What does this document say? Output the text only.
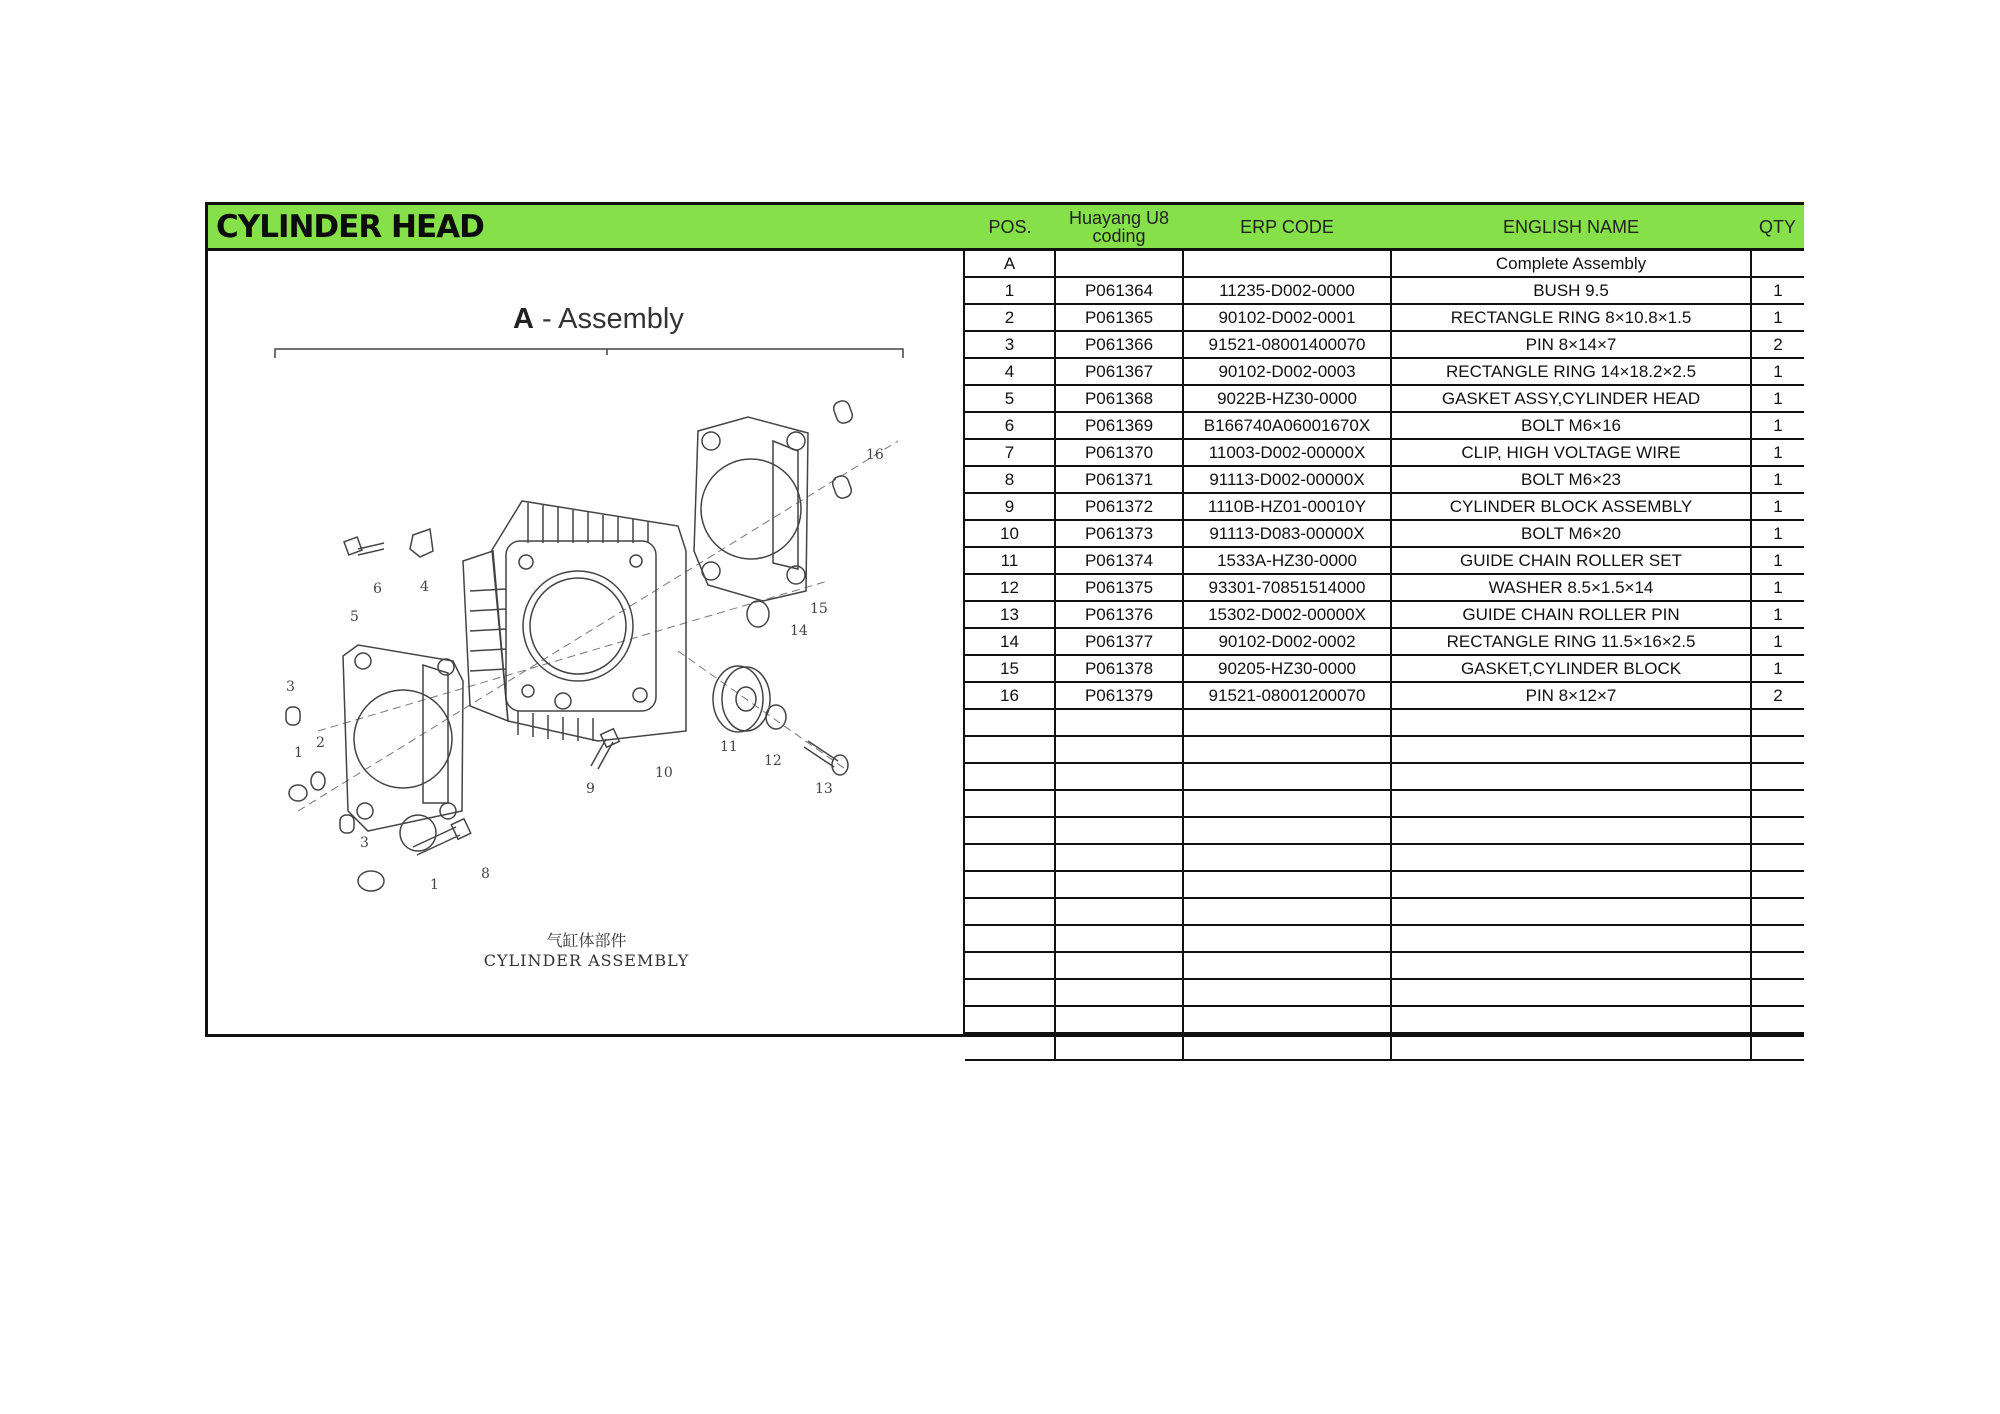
CYLINDER HEAD	POS.	Huayang U8 coding	ERP CODE	ENGLISH NAME	QTY
A - Assembly
16
15
6	4
5
14
3
2
1	11
12
13
10
9
3
8
1
气缸体部件
CYLINDER ASSEMBLY
A			Complete Assembly	
1	P061364	11235-D002-0000	BUSH 9.5	1
2	P061365	90102-D002-0001	RECTANGLE RING 8×10.8×1.5	1
3	P061366	91521-08001400070	PIN 8×14×7	2
4	P061367	90102-D002-0003	RECTANGLE RING 14×18.2×2.5	1
5	P061368	9022B-HZ30-0000	GASKET ASSY,CYLINDER HEAD	1
6	P061369	B166740A06001670X	BOLT M6×16	1
7	P061370	11003-D002-00000X	CLIP, HIGH VOLTAGE WIRE	1
8	P061371	91113-D002-00000X	BOLT M6×23	1
9	P061372	1110B-HZ01-00010Y	CYLINDER BLOCK ASSEMBLY	1
10	P061373	91113-D083-00000X	BOLT M6×20	1
11	P061374	1533A-HZ30-0000	GUIDE CHAIN ROLLER SET	1
12	P061375	93301-70851514000	WASHER 8.5×1.5×14	1
13	P061376	15302-D002-00000X	GUIDE CHAIN ROLLER PIN	1
14	P061377	90102-D002-0002	RECTANGLE RING 11.5×16×2.5	1
15	P061378	90205-HZ30-0000	GASKET,CYLINDER BLOCK	1
16	P061379	91521-08001200070	PIN 8×12×7	2
